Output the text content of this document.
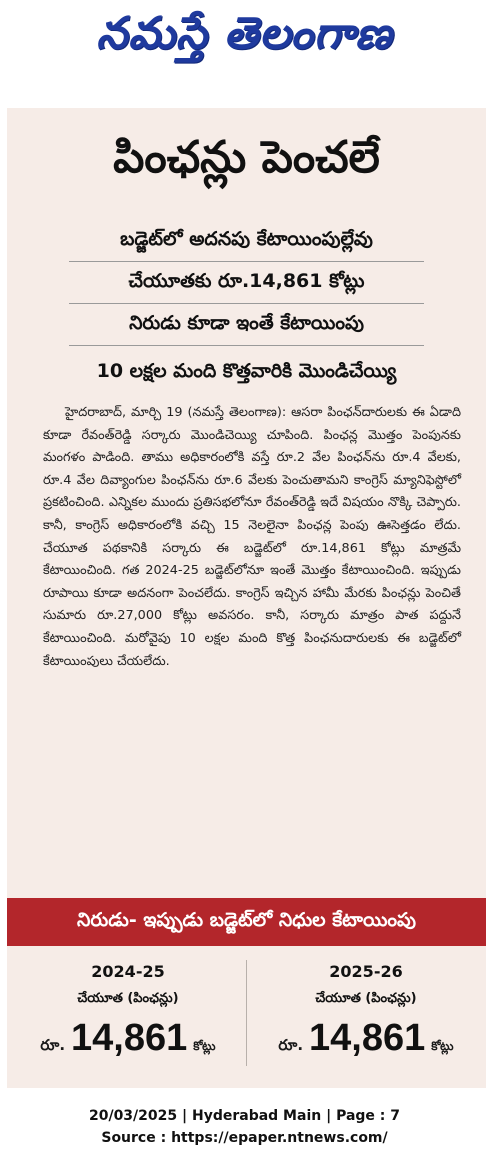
నమస్తే తెలంగాణ
పింఛన్లు పెంచలే
బడ్జెట్‌లో అదనపు కేటాయింపుల్లేవు
చేయూతకు రూ.14,861 కోట్లు
నిరుడు కూడా ఇంతే కేటాయింపు
10 లక్షల మంది కొత్తవారికి మొండిచేయ్యి

హైదరాబాద్, మార్చి 19 (నమస్తే తెలంగాణ): ఆసరా పింఛన్‌దారులకు ఈ ఏడాది కూడా రేవంత్‌రెడ్డి సర్కారు మొండిచెయ్యి చూపింది. పింఛన్ల మొత్తం పెంపునకు మంగళం పాడింది. తాము అధికారంలోకి వస్తే రూ.2 వేల పింఛన్‌ను రూ.4 వేలకు, రూ.4 వేల దివ్యాంగుల పింఛన్‌ను రూ.6 వేలకు పెంచుతామని కాంగ్రెస్ మ్యానిఫెస్టోలో ప్రకటించింది. ఎన్నికల ముందు ప్రతిసభలోనూ రేవంత్‌రెడ్డి ఇదే విషయం నొక్కి చెప్పారు. కానీ, కాంగ్రెస్ అధికారంలోకి వచ్చి 15 నెలలైనా పింఛన్ల పెంపు ఊసెత్తడం లేదు. చేయూత పథకానికి సర్కారు ఈ బడ్జెట్‌లో రూ.14,861 కోట్లు మాత్రమే కేటాయించింది. గత 2024-25 బడ్జెట్‌లోనూ ఇంతే మొత్తం కేటాయించింది. ఇప్పుడు రూపాయి కూడా అదనంగా పెంచలేదు. కాంగ్రెస్ ఇచ్చిన హామీ మేరకు పింఛన్లు పెంచితే సుమారు రూ.27,000 కోట్లు అవసరం. కానీ, సర్కారు మాత్రం పాత పద్దునే కేటాయించింది. మరోవైపు 10 లక్షల మంది కొత్త పింఛనుదారులకు ఈ బడ్జెట్‌లో కేటాయింపులు చేయలేదు.

నిరుడు- ఇప్పుడు బడ్జెట్‌లో నిధుల కేటాయింపు
2024-25
చేయూత (పింఛన్లు)
రూ. 14,861 కోట్లు
2025-26
చేయూత (పింఛన్లు)
రూ. 14,861 కోట్లు
20/03/2025 | Hyderabad Main | Page : 7
Source : https://epaper.ntnews.com/
